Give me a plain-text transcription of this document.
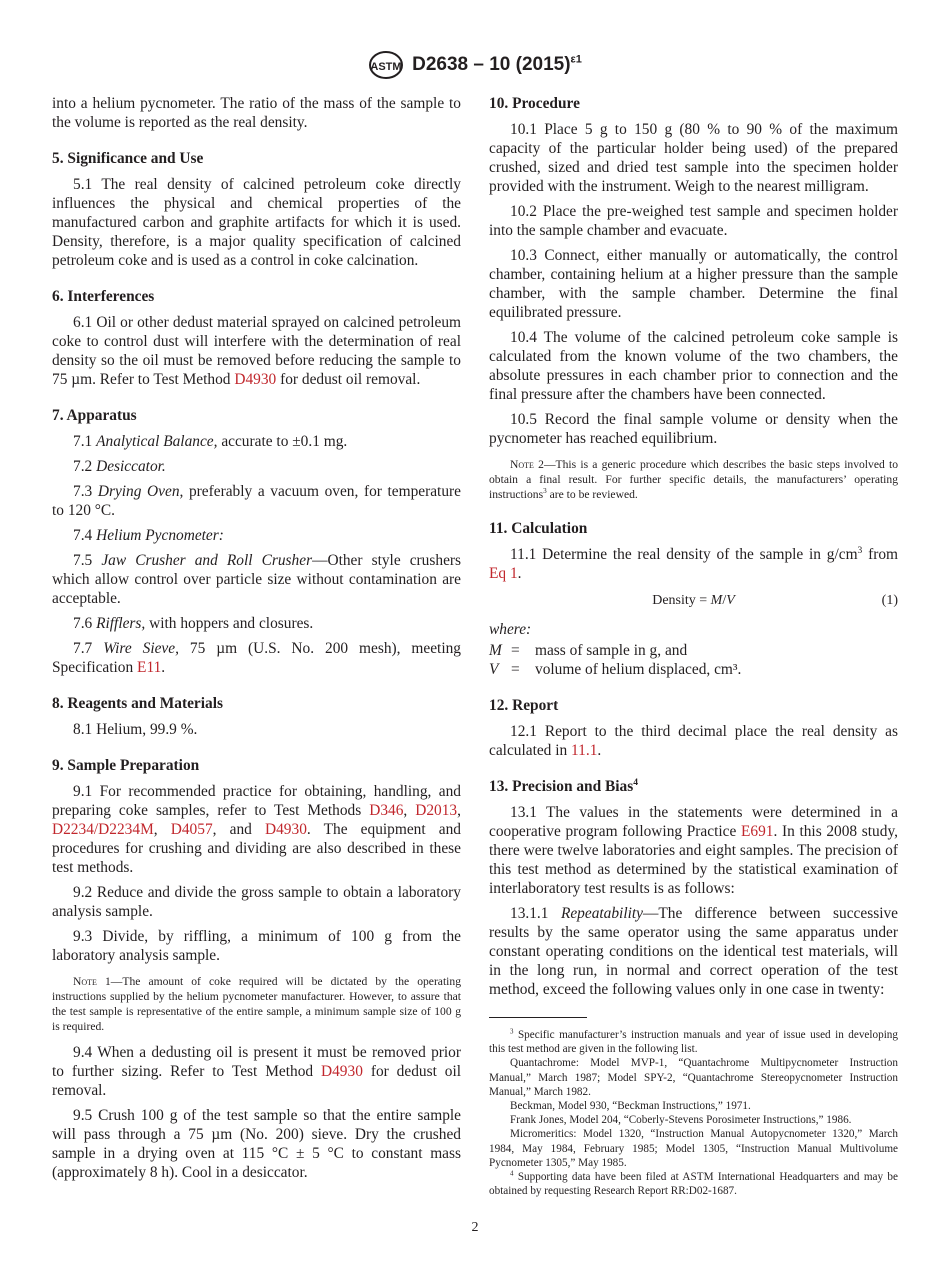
ASTM D2638 – 10 $(2015)^{\varepsilon 1}$
into a helium pycnometer. The ratio of the mass of the sample to the volume is reported as the real density.
5. Significance and Use
5.1 The real density of calcined petroleum coke directly influences the physical and chemical properties of the manufactured carbon and graphite artifacts for which it is used. Density, therefore, is a major quality specification of calcined petroleum coke and is used as a control in coke calcination.
6. Interferences
6.1 Oil or other dedust material sprayed on calcined petroleum coke to control dust will interfere with the determination of real density so the oil must be removed before reducing the sample to 75 µm. Refer to Test Method D4930 for dedust oil removal.
7. Apparatus
7.1 Analytical Balance, accurate to ±0.1 mg.
7.2 Desiccator.
7.3 Drying Oven, preferably a vacuum oven, for temperature to 120 °C.
7.4 Helium Pycnometer:
7.5 Jaw Crusher and Roll Crusher—Other style crushers which allow control over particle size without contamination are acceptable.
7.6 Rifflers, with hoppers and closures.
7.7 Wire Sieve, 75 µm (U.S. No. 200 mesh), meeting Specification E11.
8. Reagents and Materials
8.1 Helium, 99.9 %.
9. Sample Preparation
9.1 For recommended practice for obtaining, handling, and preparing coke samples, refer to Test Methods D346, D2013, D2234/D2234M, D4057, and D4930. The equipment and procedures for crushing and dividing are also described in these test methods.
9.2 Reduce and divide the gross sample to obtain a laboratory analysis sample.
9.3 Divide, by riffling, a minimum of 100 g from the laboratory analysis sample.
Note 1—The amount of coke required will be dictated by the operating instructions supplied by the helium pycnometer manufacturer. However, to assure that the test sample is representative of the entire sample, a minimum sample size of 100 g is required.
9.4 When a dedusting oil is present it must be removed prior to further sizing. Refer to Test Method D4930 for dedust oil removal.
9.5 Crush 100 g of the test sample so that the entire sample will pass through a 75 µm (No. 200) sieve. Dry the crushed sample in a drying oven at 115 °C ± 5 °C to constant mass (approximately 8 h). Cool in a desiccator.
10. Procedure
10.1 Place 5 g to 150 g (80 % to 90 % of the maximum capacity of the particular holder being used) of the prepared crushed, sized and dried test sample into the specimen holder provided with the instrument. Weigh to the nearest milligram.
10.2 Place the pre-weighed test sample and specimen holder into the sample chamber and evacuate.
10.3 Connect, either manually or automatically, the control chamber, containing helium at a higher pressure than the sample chamber, with the sample chamber. Determine the final equilibrated pressure.
10.4 The volume of the calcined petroleum coke sample is calculated from the known volume of the two chambers, the absolute pressures in each chamber prior to connection and the final pressure after the chambers have been connected.
10.5 Record the final sample volume or density when the pycnometer has reached equilibrium.
Note 2—This is a generic procedure which describes the basic steps involved to obtain a final result. For further specific details, the manufacturers’ operating instructions$^3$ are to be reviewed.
11. Calculation
11.1 Determine the real density of the sample in $g/cm^3$ from Eq 1.
Density = M/V	(1)
where:
M = mass of sample in g, and
V = volume of helium displaced, cm³.
12. Report
12.1 Report to the third decimal place the real density as calculated in 11.1.
13. Precision and Bias$^4$
13.1 The values in the statements were determined in a cooperative program following Practice E691. In this 2008 study, there were twelve laboratories and eight samples. The precision of this test method as determined by the statistical examination of interlaboratory test results is as follows:
13.1.1 Repeatability—The difference between successive results by the same operator using the same apparatus under constant operating conditions on the identical test materials, will in the long run, in normal and correct operation of the test method, exceed the following values only in one case in twenty:
$^3$ Specific manufacturer’s instruction manuals and year of issue used in developing this test method are given in the following list.
Quantachrome: Model MVP-1, “Quantachrome Multipycnometer Instruction Manual,” March 1987; Model SPY-2, “Quantachrome Stereopycnometer Instruction Manual,” March 1982.
Beckman, Model 930, “Beckman Instructions,” 1971.
Frank Jones, Model 204, “Coberly-Stevens Porosimeter Instructions,” 1986.
Micromeritics: Model 1320, “Instruction Manual Autopycnometer 1320,” March 1984, May 1984, February 1985; Model 1305, “Instruction Manual Multivolume Pycnometer 1305,” May 1985.
$^4$ Supporting data have been filed at ASTM International Headquarters and may be obtained by requesting Research Report RR:D02-1687.
2
